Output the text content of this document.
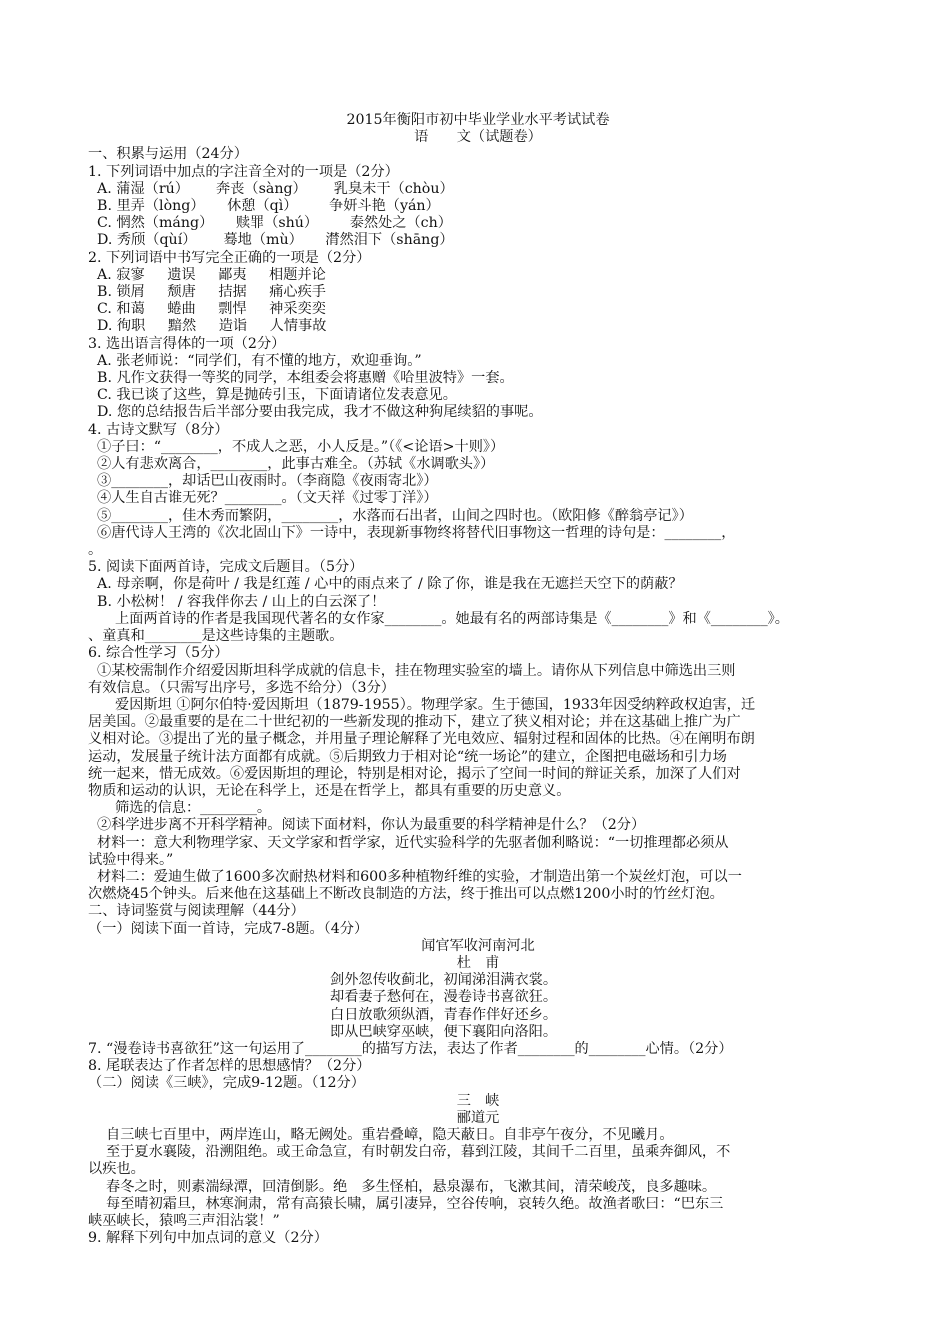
2015年衡阳市初中毕业学业水平考试试卷
语　　文（试题卷）
一、积累与运用（24分）
1. 下列词语中加点的字注音全对的一项是（2分）
A. 蒲湿（rú）      奔丧（sàng）      乳臭未干（chòu）
B. 里弄（lòng）     休憩（qì）       争妍斗艳（yán）
C. 惘然（máng）     赎罪（shú）       泰然处之（ch）
D. 秀颀（qùí）      蓦地（mù）     潸然泪下（shāng）
2. 下列词语中书写完全正确的一项是（2分）
A. 寂寥     遗误     鄙夷     相题并论
B. 锁屑     颓唐     拮据     痛心疾手
C. 和蔼     蜷曲     剽悍     神采奕奕
D. 徇职     黯然     造诣     人情事故
3. 选出语言得体的一项（2分）
A. 张老师说：“同学们，有不懂的地方，欢迎垂询。”
B. 凡作文获得一等奖的同学，本组委会将惠赠《哈里波特》一套。
C. 我已谈了这些，算是抛砖引玉，下面请诸位发表意见。
D. 您的总结报告后半部分要由我完成，我才不做这种狗尾续貂的事呢。
4. 古诗文默写（8分）
①子曰：“________，不成人之恶，小人反是。”（《<论语>十则》）
②人有悲欢离合，________，此事古难全。（苏轼《水调歌头》）
③________，却话巴山夜雨时。（李商隐《夜雨寄北》）
④人生自古谁无死？________。（文天祥《过零丁洋》）
⑤________，佳木秀而繁阴，________，水落而石出者，山间之四时也。（欧阳修《醉翁亭记》）
⑥唐代诗人王湾的《次北固山下》一诗中，表现新事物终将替代旧事物这一哲理的诗句是：________，
。
5. 阅读下面两首诗，完成文后题目。（5分）
A. 母亲啊，你是荷叶 / 我是红莲 / 心中的雨点来了 / 除了你，谁是我在无遮拦天空下的荫蔽？
B. 小松树！ / 容我伴你去 / 山上的白云深了！
上面两首诗的作者是我国现代著名的女作家________。她最有名的两部诗集是《________》和《________》。
、童真和________是这些诗集的主题歌。
6. 综合性学习（5分）
①某校需制作介绍爱因斯坦科学成就的信息卡，挂在物理实验室的墙上。请你从下列信息中筛选出三则
有效信息。（只需写出序号，多选不给分）（3分）
爱因斯坦 ①阿尔伯特·爱因斯坦（1879-1955）。物理学家。生于德国，1933年因受纳粹政权迫害，迁
居美国。②最重要的是在二十世纪初的一些新发现的推动下，建立了狭义相对论；并在这基础上推广为广
义相对论。③提出了光的量子概念，并用量子理论解释了光电效应、辐射过程和固体的比热。④在阐明布朗
运动，发展量子统计法方面都有成就。⑤后期致力于相对论“统一场论”的建立，企图把电磁场和引力场
统一起来，惜无成效。⑥爱因斯坦的理论，特别是相对论，揭示了空间一时间的辩证关系，加深了人们对
物质和运动的认识，无论在科学上，还是在哲学上，都具有重要的历史意义。
筛选的信息：________。
②科学进步离不开科学精神。阅读下面材料，你认为最重要的科学精神是什么？（2分）
材料一：意大利物理学家、天文学家和哲学家，近代实验科学的先驱者伽利略说：“一切推理都必须从
试验中得来。”
材料二：爱迪生做了1600多次耐热材料和600多种植物纤维的实验，才制造出第一个炭丝灯泡，可以一
次燃烧45个钟头。后来他在这基础上不断改良制造的方法，终于推出可以点燃1200小时的竹丝灯泡。
二、诗词鉴赏与阅读理解（44分）
（一）阅读下面一首诗，完成7-8题。（4分）
闻官军收河南河北
杜　甫
剑外忽传收蓟北，初闻涕泪满衣裳。
却看妻子愁何在，漫卷诗书喜欲狂。
白日放歌须纵酒，青春作伴好还乡。
即从巴峡穿巫峡，便下襄阳向洛阳。
7. “漫卷诗书喜欲狂”这一句运用了________的描写方法，表达了作者________的________心情。（2分）
8. 尾联表达了作者怎样的思想感情？（2分）
（二）阅读《三峡》，完成9-12题。（12分）
三　峡
郦道元
自三峡七百里中，两岸连山，略无阙处。重岩叠嶂，隐天蔽日。自非亭午夜分，不见曦月。
至于夏水襄陵，沿溯阻绝。或王命急宣，有时朝发白帝，暮到江陵，其间千二百里，虽乘奔御风，不
以疾也。
春冬之时，则素湍绿潭，回清倒影。绝　多生怪柏，悬泉瀑布，飞漱其间，清荣峻茂，良多趣味。
每至晴初霜旦，林寒涧肃，常有高猿长啸，属引凄异，空谷传响，哀转久绝。故渔者歌曰：“巴东三
峡巫峡长，猿鸣三声泪沾裳！”
9. 解释下列句中加点词的意义（2分）
